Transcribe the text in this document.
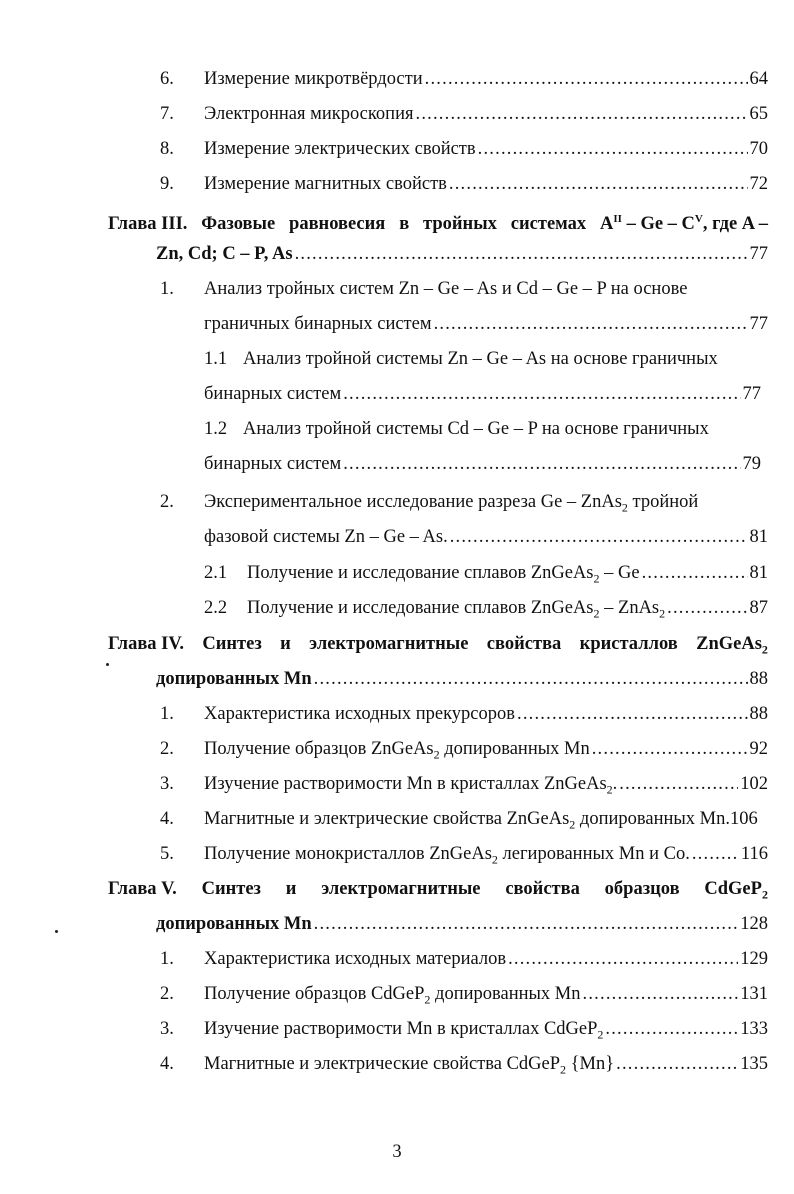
6. Измерение микротвёрдости .....	64
7. Электронная микроскопия .....	65
8. Измерение электрических свойств .....	70
9. Измерение магнитных свойств .....	72
Глава III. Фазовые равновесия в тройных системах $A^{II}$ – Ge – $C^V$, где A –
Zn, Cd; C – P, As .....	77
1. Анализ тройных систем Zn – Ge – As и Cd – Ge – P на основе
граничных бинарных систем .....	77
1.1 Анализ тройной системы Zn – Ge – As на основе граничных
бинарных систем .....	77
1.2 Анализ тройной системы Cd – Ge – P на основе граничных
бинарных систем .....	79
2. Экспериментальное исследование разреза Ge – ZnAs$_2$ тройной
фазовой системы Zn – Ge – As. .....	81
2.1 Получение и исследование сплавов ZnGeAs$_2$ – Ge .....	81
2.2 Получение и исследование сплавов ZnGeAs$_2$ – ZnAs$_2$ .....	87
Глава IV. Синтез и электромагнитные свойства кристаллов ZnGeAs$_2$
допированных Mn .....	88
1. Характеристика исходных прекурсоров .....	88
2. Получение образцов ZnGeAs$_2$ допированных Mn .....	92
3. Изучение растворимости Mn в кристаллах ZnGeAs$_2$. .....	102
4. Магнитные и электрические свойства ZnGeAs$_2$ допированных Mn. 106
5. Получение монокристаллов ZnGeAs$_2$ легированных Mn и Co. .....	116
Глава V. Синтез и электромагнитные свойства образцов CdGeP$_2$
допированных Mn .....	128
1. Характеристика исходных материалов .....	129
2. Получение образцов CdGeP$_2$ допированных Mn .....	131
3. Изучение растворимости Mn в кристаллах CdGeP$_2$ .....	133
4. Магнитные и электрические свойства CdGeP$_2$ {Mn} .....	135
3
